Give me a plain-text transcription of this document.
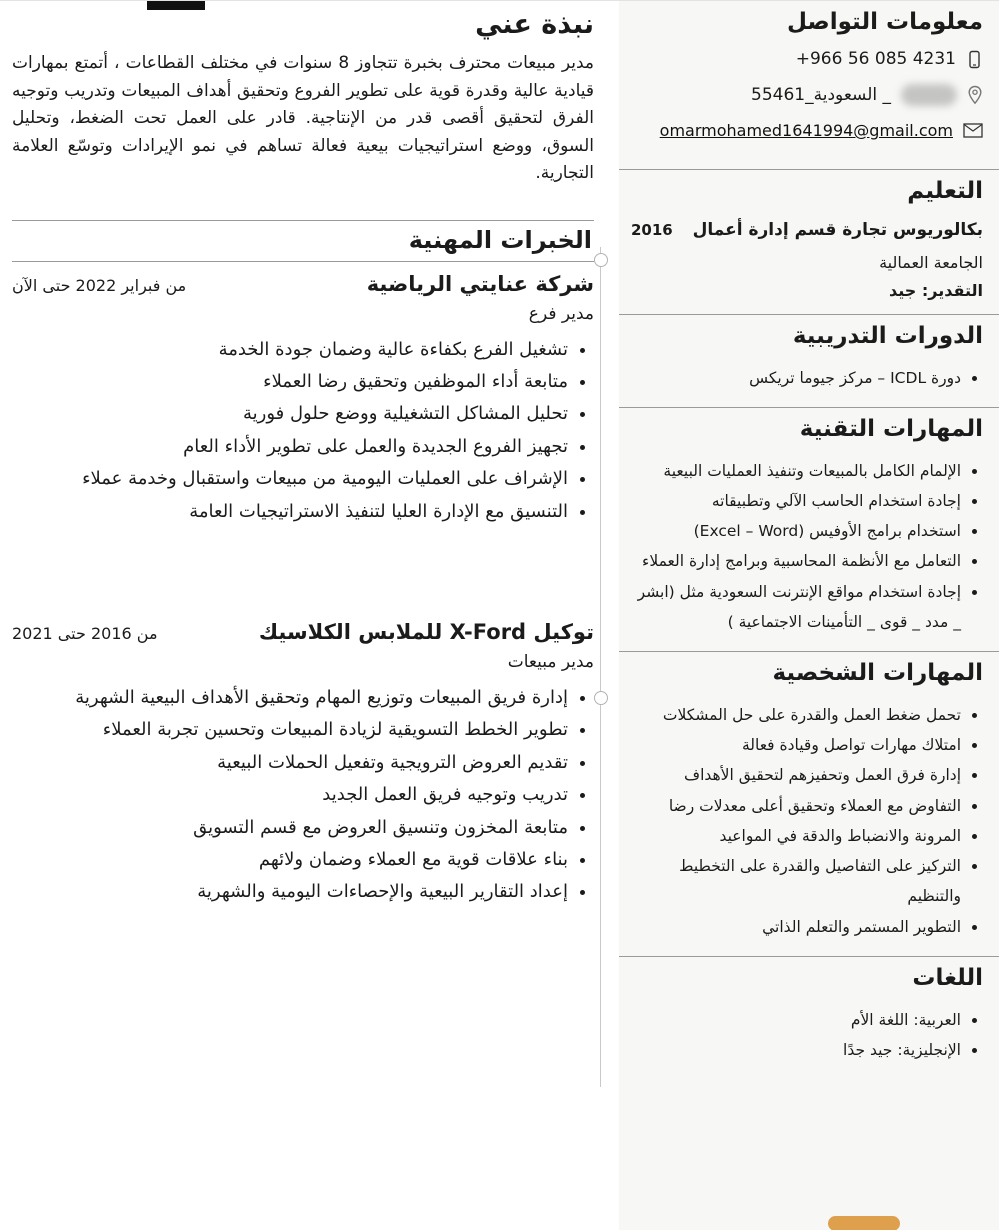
نبذة عني

مدير مبيعات محترف بخبرة تتجاوز 8 سنوات في مختلف القطاعات ، أتمتع بمهارات قيادية عالية وقدرة قوية على تطوير الفروع وتحقيق أهداف المبيعات وتدريب وتوجيه الفرق لتحقيق أقصى قدر من الإنتاجية. قادر على العمل تحت الضغط، وتحليل السوق، ووضع استراتيجيات بيعية فعالة تساهم في نمو الإيرادات وتوسّع العلامة التجارية.

الخبرات المهنية
شركة عنايتي الرياضية
من فبراير 2022 حتى الآن
مدير فرع
• تشغيل الفرع بكفاءة عالية وضمان جودة الخدمة
• متابعة أداء الموظفين وتحقيق رضا العملاء
• تحليل المشاكل التشغيلية ووضع حلول فورية
• تجهيز الفروع الجديدة والعمل على تطوير الأداء العام
• الإشراف على العمليات اليومية من مبيعات واستقبال وخدمة عملاء
• التنسيق مع الإدارة العليا لتنفيذ الاستراتيجيات العامة
توكيل X-Ford للملابس الكلاسيك
من 2016 حتى 2021
مدير مبيعات
• إدارة فريق المبيعات وتوزيع المهام وتحقيق الأهداف البيعية الشهرية
• تطوير الخطط التسويقية لزيادة المبيعات وتحسين تجربة العملاء
• تقديم العروض الترويجية وتفعيل الحملات البيعية
• تدريب وتوجيه فريق العمل الجديد
• متابعة المخزون وتنسيق العروض مع قسم التسويق
• بناء علاقات قوية مع العملاء وضمان ولائهم
• إعداد التقارير البيعية والإحصاءات اليومية والشهرية
معلومات التواصل
+966 56 085 4231
_ السعودية_55461
omarmohamed1641994@gmail.com
التعليم
بكالوريوس تجارة قسم إدارة أعمال
2016
الجامعة العمالية
التقدير: جيد
الدورات التدريبية
• دورة ICDL – مركز جيوما تريكس
المهارات التقنية
• الإلمام الكامل بالمبيعات وتنفيذ العمليات البيعية
• إجادة استخدام الحاسب الآلي وتطبيقاته
• استخدام برامج الأوفيس (Excel – Word)
• التعامل مع الأنظمة المحاسبية وبرامج إدارة العملاء
• إجادة استخدام مواقع الإنترنت السعودية مثل (ابشر _ مدد _ قوى _ التأمينات الاجتماعية )
المهارات الشخصية
• تحمل ضغط العمل والقدرة على حل المشكلات
• امتلاك مهارات تواصل وقيادة فعالة
• إدارة فرق العمل وتحفيزهم لتحقيق الأهداف
• التفاوض مع العملاء وتحقيق أعلى معدلات رضا
• المرونة والانضباط والدقة في المواعيد
• التركيز على التفاصيل والقدرة على التخطيط والتنظيم
• التطوير المستمر والتعلم الذاتي
اللغات
• العربية: اللغة الأم
• الإنجليزية: جيد جدًا
